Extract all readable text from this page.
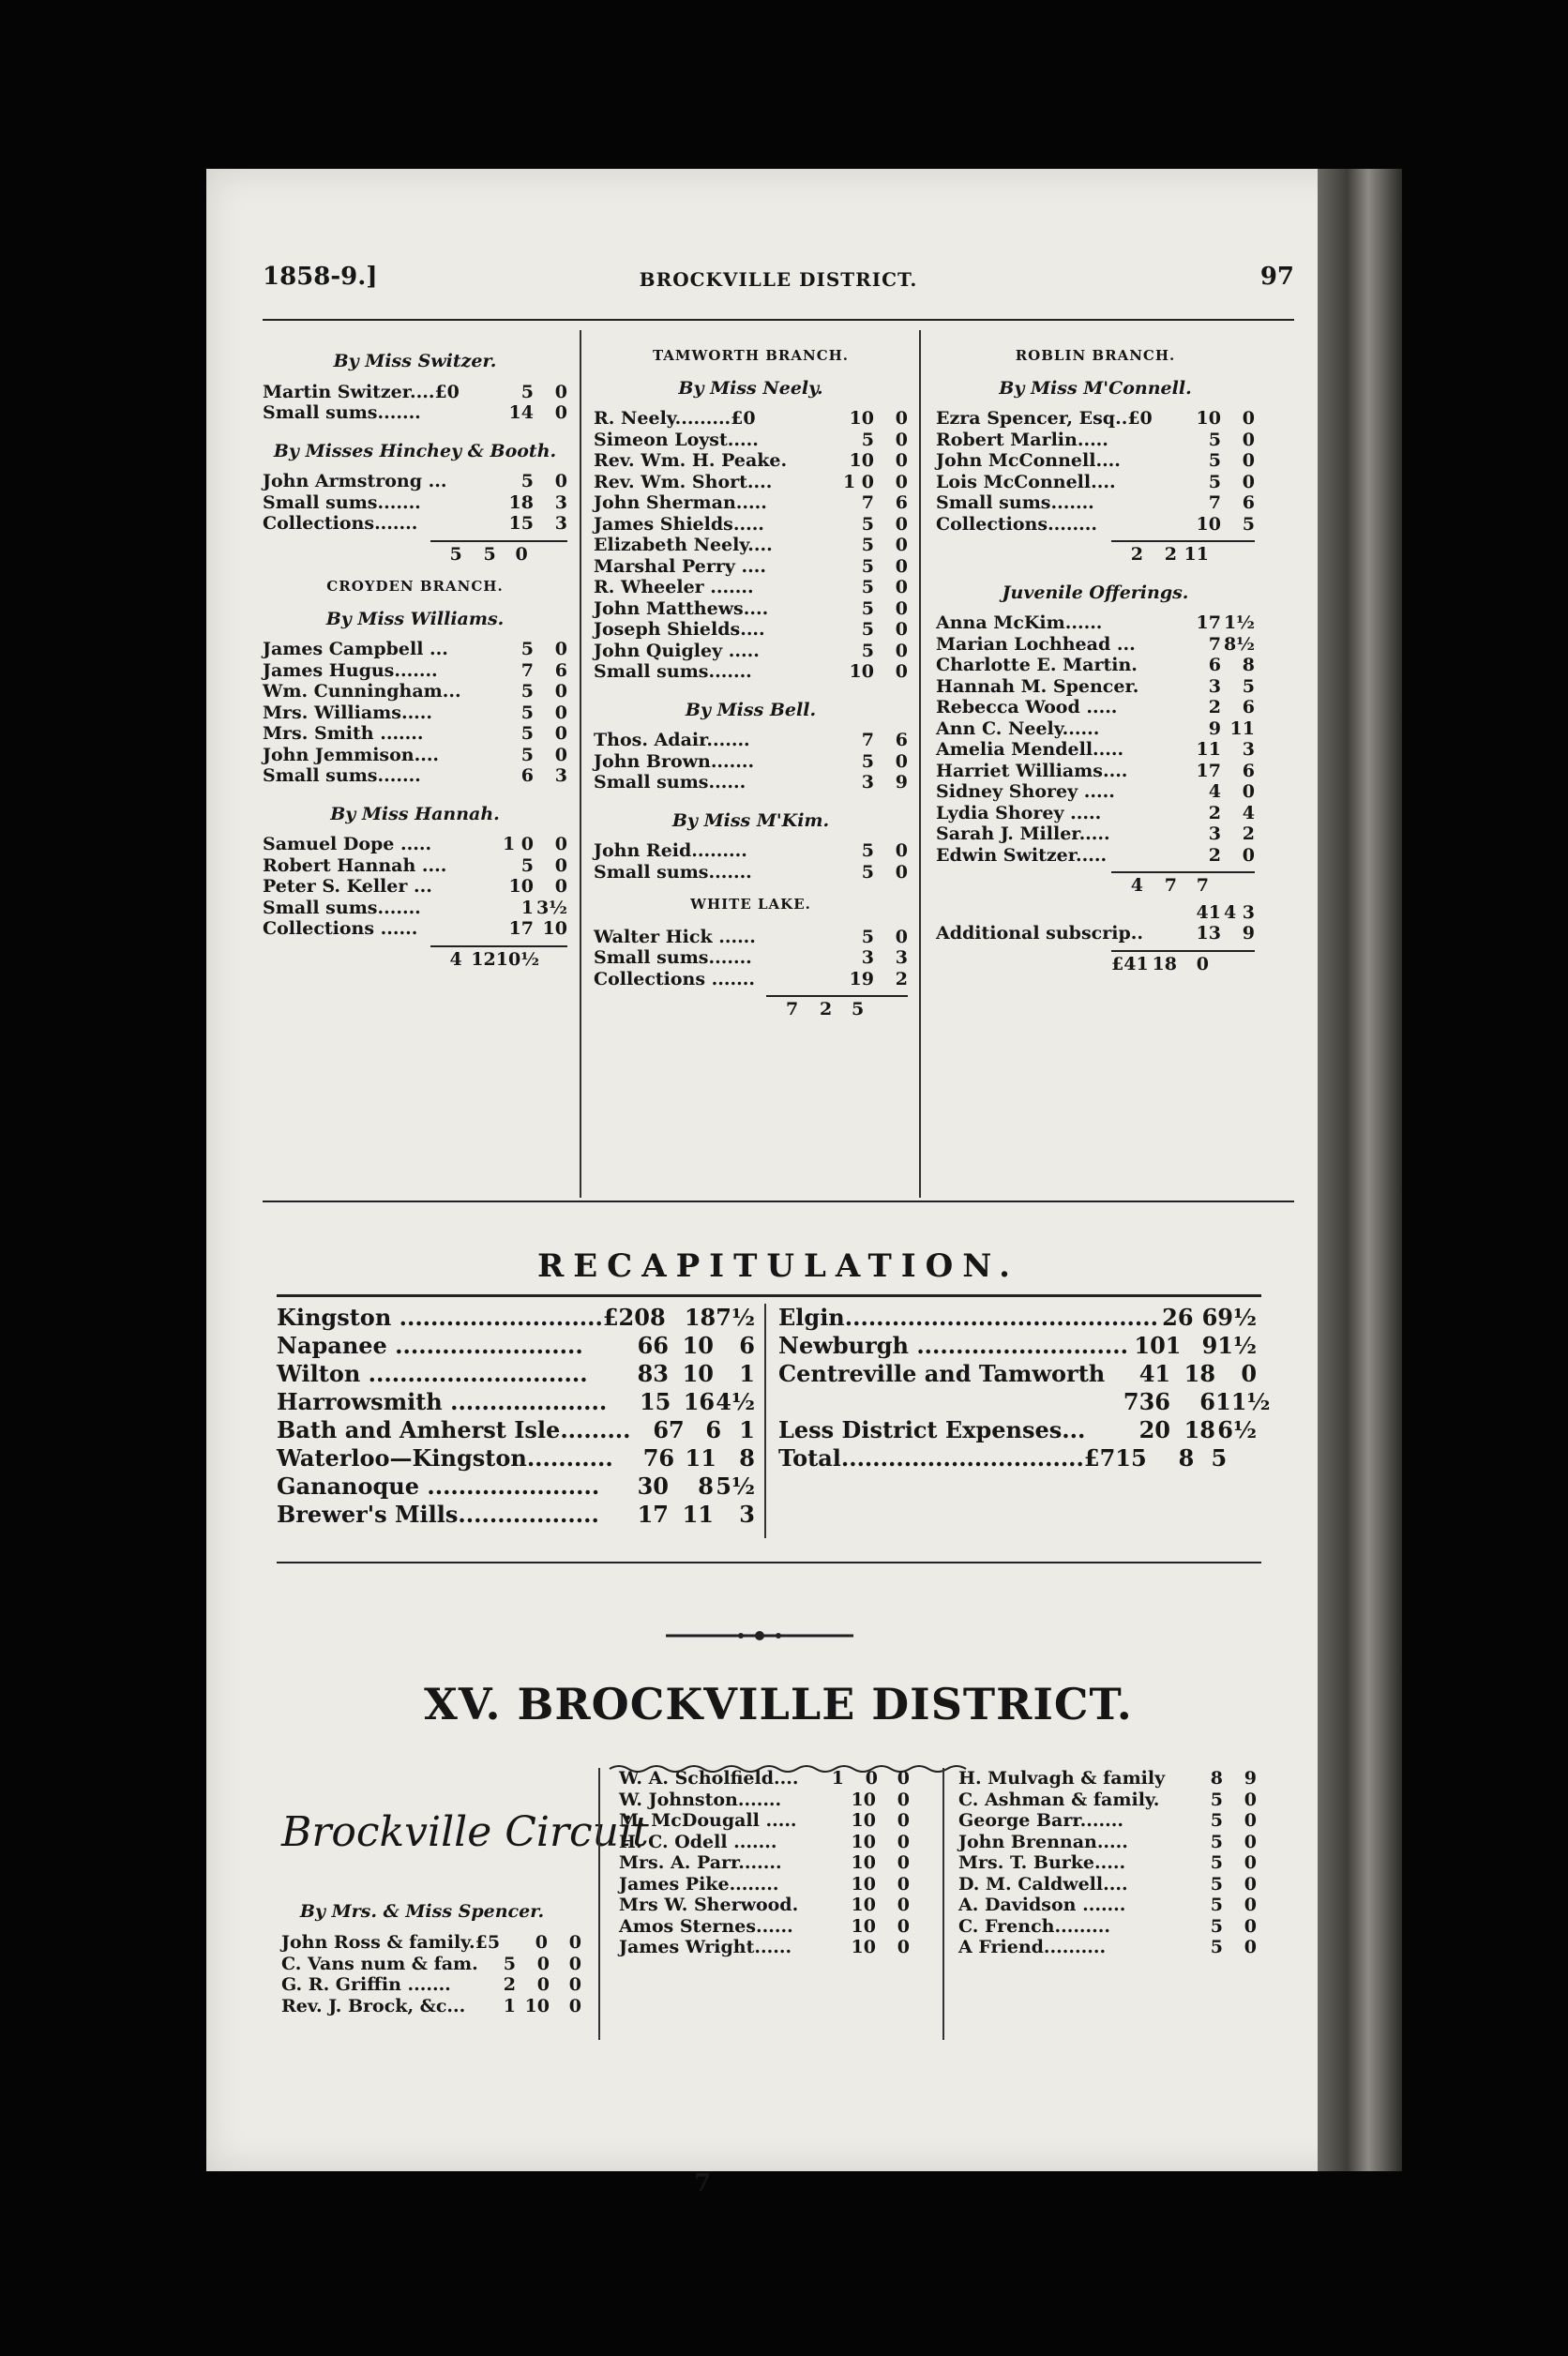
1858-9.]	BROCKVILLE DISTRICT.	97
By Miss Switzer.
Martin Switzer....£0	5	0
Small sums.......	14	0
By Misses Hinchey & Booth.
John Armstrong ...	5	0
Small sums.......	18	3
Collections.......	15	3
5	5	0
CROYDEN BRANCH.
By Miss Williams.
James Campbell ...	5	0
James Hugus.......	7	6
Wm. Cunningham...	5	0
Mrs. Williams.....	5	0
Mrs. Smith .......	5	0
John Jemmison....	5	0
Small sums.......	6	3
By Miss Hannah.
Samuel Dope .....	1 0	0
Robert Hannah ....	5	0
Peter S. Keller ...	10	0
Small sums.......	1 3½
Collections ......	17 10
4 12 10½
TAMWORTH BRANCH.
By Miss Neely.
R. Neely.........£0	10	0
Simeon Loyst.....	5	0
Rev. Wm. H. Peake.	10	0
Rev. Wm. Short....	1 0	0
John Sherman.....	7	6
James Shields.....	5	0
Elizabeth Neely....	5	0
Marshal Perry ....	5	0
R. Wheeler .......	5	0
John Matthews....	5	0
Joseph Shields....	5	0
John Quigley .....	5	0
Small sums.......	10	0
By Miss Bell.
Thos. Adair.......	7	6
John Brown.......	5	0
Small sums......	3	9
By Miss M'Kim.
John Reid.........	5	0
Small sums.......	5	0
WHITE LAKE.
Walter Hick ......	5	0
Small sums.......	3	3
Collections .......	19	2
7	2	5
ROBLIN BRANCH.
By Miss M'Connell.
Ezra Spencer, Esq..£0	10	0
Robert Marlin.....	5	0
John McConnell....	5	0
Lois McConnell....	5	0
Small sums.......	7	6
Collections........	10	5
2	2 11
Juvenile Offerings.
Anna McKim......	17 1½
Marian Lochhead ...	7 8½
Charlotte E. Martin.	6	8
Hannah M. Spencer.	3	5
Rebecca Wood .....	2	6
Ann C. Neely......	9 11
Amelia Mendell.....	11	3
Harriet Williams....	17	6
Sidney Shorey .....	4	0
Lydia Shorey .....	2	4
Sarah J. Miller.....	3	2
Edwin Switzer.....	2	0
4	7	7
41 4 3
Additional subscrip..	13	9
£41 18	0
RECAPITULATION.
Kingston ..........................£208 18 7½
Napanee ........................	66 10	6
Wilton ............................	83 10	1
Harrowsmith ....................	15 16 4½
Bath and Amherst Isle......... 67 6 1
Waterloo—Kingston...........	76 11	8
Gananoque ......................	30	8 5½
Brewer's Mills..................	17 11	3
Elgin........................................ 26 6 9½
Newburgh ........................... 101 9 1½
Centreville and Tamworth	41 18	0
736	6 11½
Less District Expenses...	20 18 6½
Total...............................£715	8 5
XV. BROCKVILLE DISTRICT.
Brockville Circuit
By Mrs. & Miss Spencer.
John Ross & family.£5	0	0
C. Vans num & fam.	5	0	0
G. R. Griffin .......	2	0	0
Rev. J. Brock, &c...	1 10	0
W. A. Scholfield....	1	0	0
W. Johnston.......	10	0
M. McDougall .....	10	0
H. C. Odell .......	10	0
Mrs. A. Parr.......	10	0
James Pike........	10	0
Mrs W. Sherwood.	10	0
Amos Sternes......	10	0
James Wright......	10	0
H. Mulvagh & family	8	9
C. Ashman & family.	5	0
George Barr.......	5	0
John Brennan.....	5	0
Mrs. T. Burke.....	5	0
D. M. Caldwell....	5	0
A. Davidson .......	5	0
C. French.........	5	0
A Friend..........	5	0
7
